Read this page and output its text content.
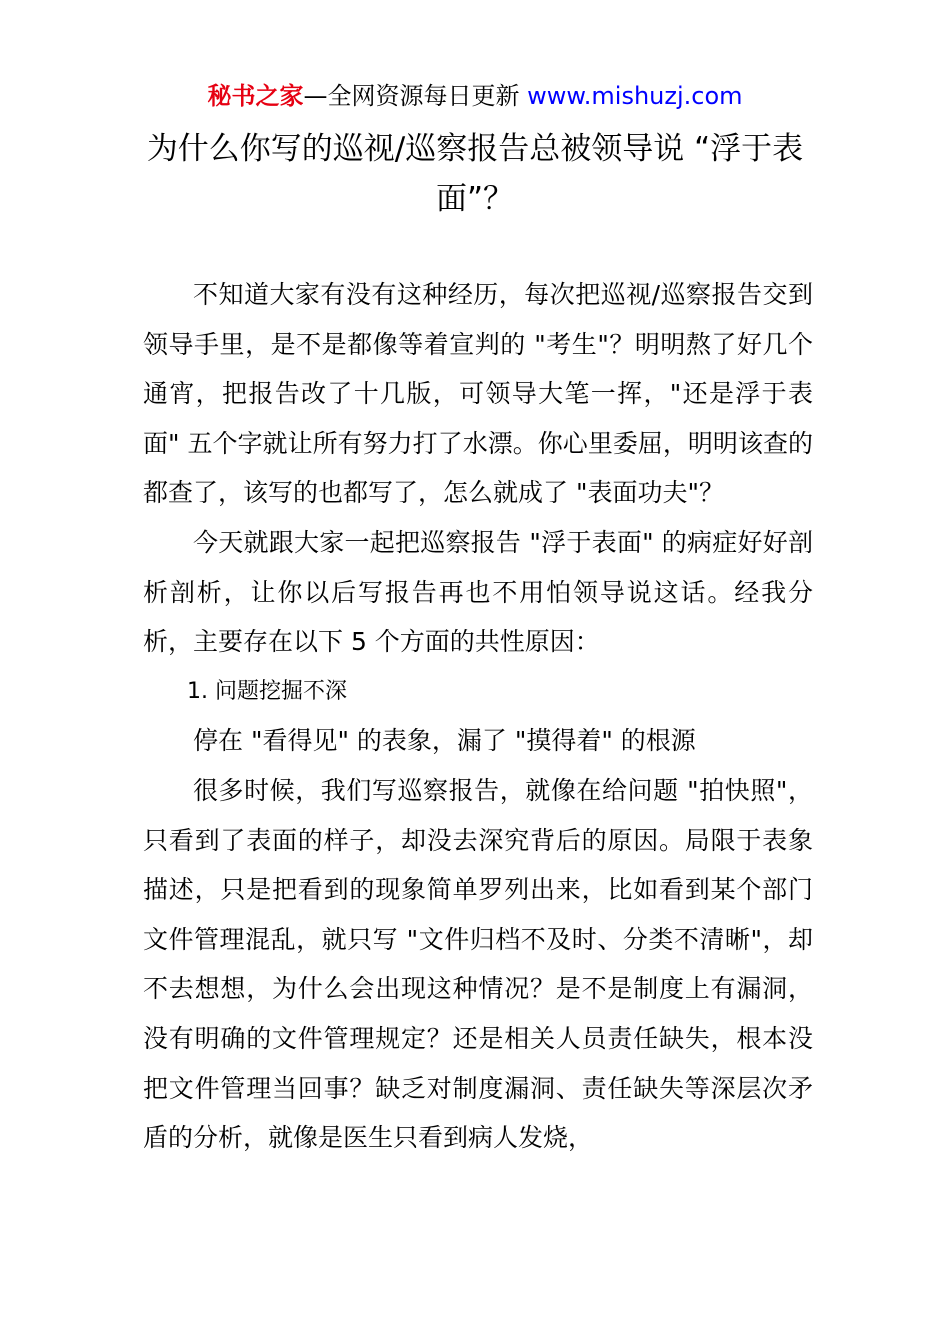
秘书之家—全网资源每日更新 www.mishuzj.com
为什么你写的巡视/巡察报告总被领导说 “浮于表面”？

不知道大家有没有这种经历，每次把巡视/巡察报告交到领导手里，是不是都像等着宣判的 "考生"？明明熬了好几个通宵，把报告改了十几版，可领导大笔一挥，"还是浮于表面" 五个字就让所有努力打了水漂。你心里委屈，明明该查的都查了，该写的也都写了，怎么就成了 "表面功夫"？

今天就跟大家一起把巡察报告 "浮于表面" 的病症好好剖析剖析，让你以后写报告再也不用怕领导说这话。经我分析，主要存在以下 5 个方面的共性原因：

1. 问题挖掘不深

停在 "看得见" 的表象，漏了 "摸得着" 的根源

很多时候，我们写巡察报告，就像在给问题 "拍快照"，只看到了表面的样子，却没去深究背后的原因。局限于表象描述，只是把看到的现象简单罗列出来，比如看到某个部门文件管理混乱，就只写 "文件归档不及时、分类不清晰"，却不去想想，为什么会出现这种情况？是不是制度上有漏洞，没有明确的文件管理规定？还是相关人员责任缺失，根本没把文件管理当回事？缺乏对制度漏洞、责任缺失等深层次矛盾的分析，就像是医生只看到病人发烧，
